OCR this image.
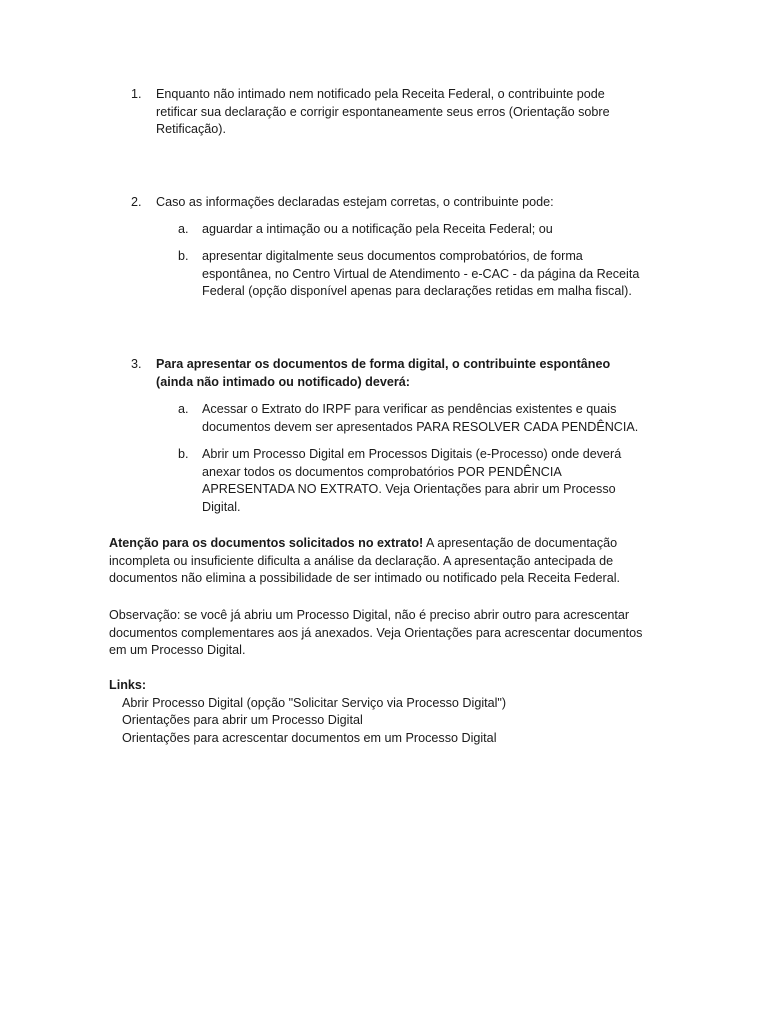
1. Enquanto não intimado nem notificado pela Receita Federal, o contribuinte pode retificar sua declaração e corrigir espontaneamente seus erros (Orientação sobre Retificação).
2. Caso as informações declaradas estejam corretas, o contribuinte pode:
a. aguardar a intimação ou a notificação pela Receita Federal; ou
b. apresentar digitalmente seus documentos comprobatórios, de forma espontânea, no Centro Virtual de Atendimento - e-CAC - da página da Receita Federal (opção disponível apenas para declarações retidas em malha fiscal).
3. Para apresentar os documentos de forma digital, o contribuinte espontâneo (ainda não intimado ou notificado) deverá:
a. Acessar o Extrato do IRPF para verificar as pendências existentes e quais documentos devem ser apresentados PARA RESOLVER CADA PENDÊNCIA.
b. Abrir um Processo Digital em Processos Digitais (e-Processo) onde deverá anexar todos os documentos comprobatórios POR PENDÊNCIA APRESENTADA NO EXTRATO. Veja Orientações para abrir um Processo Digital.
Atenção para os documentos solicitados no extrato! A apresentação de documentação incompleta ou insuficiente dificulta a análise da declaração. A apresentação antecipada de documentos não elimina a possibilidade de ser intimado ou notificado pela Receita Federal.
Observação: se você já abriu um Processo Digital, não é preciso abrir outro para acrescentar documentos complementares aos já anexados. Veja Orientações para acrescentar documentos em um Processo Digital.
Links:
Abrir Processo Digital (opção "Solicitar Serviço via Processo Digital")
Orientações para abrir um Processo Digital
Orientações para acrescentar documentos em um Processo Digital
